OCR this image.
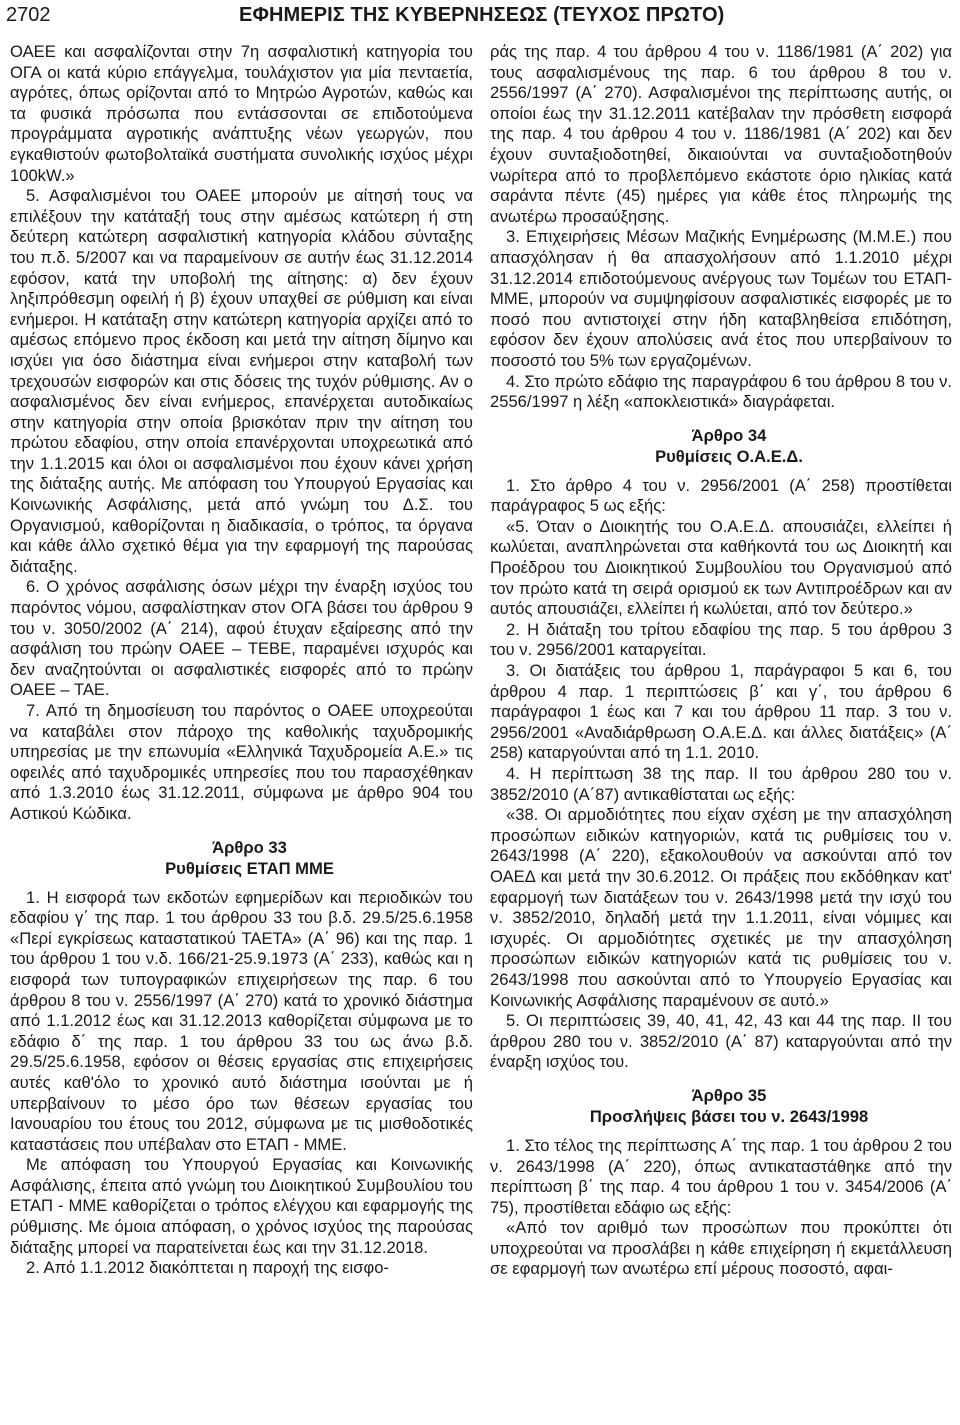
2702	ΕΦΗΜΕΡΙΣ ΤΗΣ ΚΥΒΕΡΝΗΣΕΩΣ (ΤΕΥΧΟΣ ΠΡΩΤΟ)

ΟΑΕΕ και ασφαλίζονται στην 7η ασφαλιστική κατηγορία του ΟΓΑ οι κατά κύριο επάγγελμα, τουλάχιστον για μία πενταετία, αγρότες, όπως ορίζονται από το Μητρώο Αγροτών, καθώς και τα φυσικά πρόσωπα που εντάσσονται σε επιδοτούμενα προγράμματα αγροτικής ανάπτυξης νέων γεωργών, που εγκαθιστούν φωτοβολταϊκά συστήματα συνολικής ισχύος μέχρι 100kW.»

5. Ασφαλισμένοι του ΟΑΕΕ μπορούν με αίτησή τους να επιλέξουν την κατάταξή τους στην αμέσως κατώτερη ή στη δεύτερη κατώτερη ασφαλιστική κατηγορία κλάδου σύνταξης του π.δ. 5/2007 και να παραμείνουν σε αυτήν έως 31.12.2014 εφόσον, κατά την υποβολή της αίτησης: α) δεν έχουν ληξιπρόθεσμη οφειλή ή β) έχουν υπαχθεί σε ρύθμιση και είναι ενήμεροι. Η κατάταξη στην κατώτερη κατηγορία αρχίζει από το αμέσως επόμενο προς έκδοση και μετά την αίτηση δίμηνο και ισχύει για όσο διάστημα είναι ενήμεροι στην καταβολή των τρεχουσών εισφορών και στις δόσεις της τυχόν ρύθμισης. Αν ο ασφαλισμένος δεν είναι ενήμερος, επανέρχεται αυτοδικαίως στην κατηγορία στην οποία βρισκόταν πριν την αίτηση του πρώτου εδαφίου, στην οποία επανέρχονται υποχρεωτικά από την 1.1.2015 και όλοι οι ασφαλισμένοι που έχουν κάνει χρήση της διάταξης αυτής. Με απόφαση του Υπουργού Εργασίας και Κοινωνικής Ασφάλισης, μετά από γνώμη του Δ.Σ. του Οργανισμού, καθορίζονται η διαδικασία, ο τρόπος, τα όργανα και κάθε άλλο σχετικό θέμα για την εφαρμογή της παρούσας διάταξης.

6. Ο χρόνος ασφάλισης όσων μέχρι την έναρξη ισχύος του παρόντος νόμου, ασφαλίστηκαν στον ΟΓΑ βάσει του άρθρου 9 του ν. 3050/2002 (Α΄ 214), αφού έτυχαν εξαίρεσης από την ασφάλιση του πρώην ΟΑΕΕ – ΤΕΒΕ, παραμένει ισχυρός και δεν αναζητούνται οι ασφαλιστικές εισφορές από το πρώην ΟΑΕΕ – ΤΑΕ.

7. Από τη δημοσίευση του παρόντος ο ΟΑΕΕ υποχρεούται να καταβάλει στον πάροχο της καθολικής ταχυδρομικής υπηρεσίας με την επωνυμία «Ελληνικά Ταχυδρομεία Α.Ε.» τις οφειλές από ταχυδρομικές υπηρεσίες που του παρασχέθηκαν από 1.3.2010 έως 31.12.2011, σύμφωνα με άρθρο 904 του Αστικού Κώδικα.

Άρθρο 33

Ρυθμίσεις ΕΤΑΠ ΜΜΕ

1. Η εισφορά των εκδοτών εφημερίδων και περιοδικών του εδαφίου γ΄ της παρ. 1 του άρθρου 33 του β.δ. 29.5/25.6.1958 «Περί εγκρίσεως καταστατικού ΤΑΕΤΑ» (Α΄ 96) και της παρ. 1 του άρθρου 1 του ν.δ. 166/21-25.9.1973 (Α΄ 233), καθώς και η εισφορά των τυπογραφικών επιχειρήσεων της παρ. 6 του άρθρου 8 του ν. 2556/1997 (Α΄ 270) κατά το χρονικό διάστημα από 1.1.2012 έως και 31.12.2013 καθορίζεται σύμφωνα με το εδάφιο δ΄ της παρ. 1 του άρθρου 33 του ως άνω β.δ. 29.5/25.6.1958, εφόσον οι θέσεις εργασίας στις επιχειρήσεις αυτές καθ'όλο το χρονικό αυτό διάστημα ισούνται με ή υπερβαίνουν το μέσο όρο των θέσεων εργασίας του Ιανουαρίου του έτους του 2012, σύμφωνα με τις μισθοδοτικές καταστάσεις που υπέβαλαν στο ΕΤΑΠ - ΜΜΕ.

Με απόφαση του Υπουργού Εργασίας και Κοινωνικής Ασφάλισης, έπειτα από γνώμη του Διοικητικού Συμβουλίου του ΕΤΑΠ - ΜΜΕ καθορίζεται ο τρόπος ελέγχου και εφαρμογής της ρύθμισης. Με όμοια απόφαση, ο χρόνος ισχύος της παρούσας διάταξης μπορεί να παρατείνεται έως και την 31.12.2018.

2. Από 1.1.2012 διακόπτεται η παροχή της εισφο-

ράς της παρ. 4 του άρθρου 4 του ν. 1186/1981 (Α΄ 202) για τους ασφαλισμένους της παρ. 6 του άρθρου 8 του ν. 2556/1997 (Α΄ 270). Ασφαλισμένοι της περίπτωσης αυτής, οι οποίοι έως την 31.12.2011 κατέβαλαν την πρόσθετη εισφορά της παρ. 4 του άρθρου 4 του ν. 1186/1981 (Α΄ 202) και δεν έχουν συνταξιοδοτηθεί, δικαιούνται να συνταξιοδοτηθούν νωρίτερα από το προβλεπόμενο εκάστοτε όριο ηλικίας κατά σαράντα πέντε (45) ημέρες για κάθε έτος πληρωμής της ανωτέρω προσαύξησης.

3. Επιχειρήσεις Μέσων Μαζικής Ενημέρωσης (Μ.Μ.Ε.) που απασχόλησαν ή θα απασχολήσουν από 1.1.2010 μέχρι 31.12.2014 επιδοτούμενους ανέργους των Τομέων του ΕΤΑΠ-ΜΜΕ, μπορούν να συμψηφίσουν ασφαλιστικές εισφορές με το ποσό που αντιστοιχεί στην ήδη καταβληθείσα επιδότηση, εφόσον δεν έχουν απολύσεις ανά έτος που υπερβαίνουν το ποσοστό του 5% των εργαζομένων.

4. Στο πρώτο εδάφιο της παραγράφου 6 του άρθρου 8 του ν. 2556/1997 η λέξη «αποκλειστικά» διαγράφεται.

Άρθρο 34

Ρυθμίσεις Ο.Α.Ε.Δ.

1. Στο άρθρο 4 του ν. 2956/2001 (Α΄ 258) προστίθεται παράγραφος 5 ως εξής:

«5. Όταν ο Διοικητής του Ο.Α.Ε.Δ. απουσιάζει, ελλείπει ή κωλύεται, αναπληρώνεται στα καθήκοντά του ως Διοικητή και Προέδρου του Διοικητικού Συμβουλίου του Οργανισμού από τον πρώτο κατά τη σειρά ορισμού εκ των Αντιπροέδρων και αν αυτός απουσιάζει, ελλείπει ή κωλύεται, από τον δεύτερο.»

2. Η διάταξη του τρίτου εδαφίου της παρ. 5 του άρθρου 3 του ν. 2956/2001 καταργείται.

3. Οι διατάξεις του άρθρου 1, παράγραφοι 5 και 6, του άρθρου 4 παρ. 1 περιπτώσεις β΄ και γ΄, του άρθρου 6 παράγραφοι 1 έως και 7 και του άρθρου 11 παρ. 3 του ν. 2956/2001 «Αναδιάρθρωση Ο.Α.Ε.Δ. και άλλες διατάξεις» (Α΄ 258) καταργούνται από τη 1.1. 2010.

4. Η περίπτωση 38 της παρ. ΙΙ του άρθρου 280 του ν. 3852/2010 (Α΄87) αντικαθίσταται ως εξής:

«38. Οι αρμοδιότητες που είχαν σχέση με την απασχόληση προσώπων ειδικών κατηγοριών, κατά τις ρυθμίσεις του ν. 2643/1998 (Α΄ 220), εξακολουθούν να ασκούνται από τον ΟΑΕΔ και μετά την 30.6.2012. Οι πράξεις που εκδόθηκαν κατ' εφαρμογή των διατάξεων του ν. 2643/1998 μετά την ισχύ του ν. 3852/2010, δηλαδή μετά την 1.1.2011, είναι νόμιμες και ισχυρές. Οι αρμοδιότητες σχετικές με την απασχόληση προσώπων ειδικών κατηγοριών κατά τις ρυθμίσεις του ν. 2643/1998 που ασκούνται από το Υπουργείο Εργασίας και Κοινωνικής Ασφάλισης παραμένουν σε αυτό.»

5. Οι περιπτώσεις 39, 40, 41, 42, 43 και 44 της παρ. ΙΙ του άρθρου 280 του ν. 3852/2010 (Α΄ 87) καταργούνται από την έναρξη ισχύος του.

Άρθρο 35

Προσλήψεις βάσει του ν. 2643/1998

1. Στο τέλος της περίπτωσης Α΄ της παρ. 1 του άρθρου 2 του ν. 2643/1998 (Α΄ 220), όπως αντικαταστάθηκε από την περίπτωση β΄ της παρ. 4 του άρθρου 1 του ν. 3454/2006 (Α΄ 75), προστίθεται εδάφιο ως εξής:

«Από τον αριθμό των προσώπων που προκύπτει ότι υποχρεούται να προσλάβει η κάθε επιχείρηση ή εκμετάλλευση σε εφαρμογή των ανωτέρω επί μέρους ποσοστό, αφαι-
